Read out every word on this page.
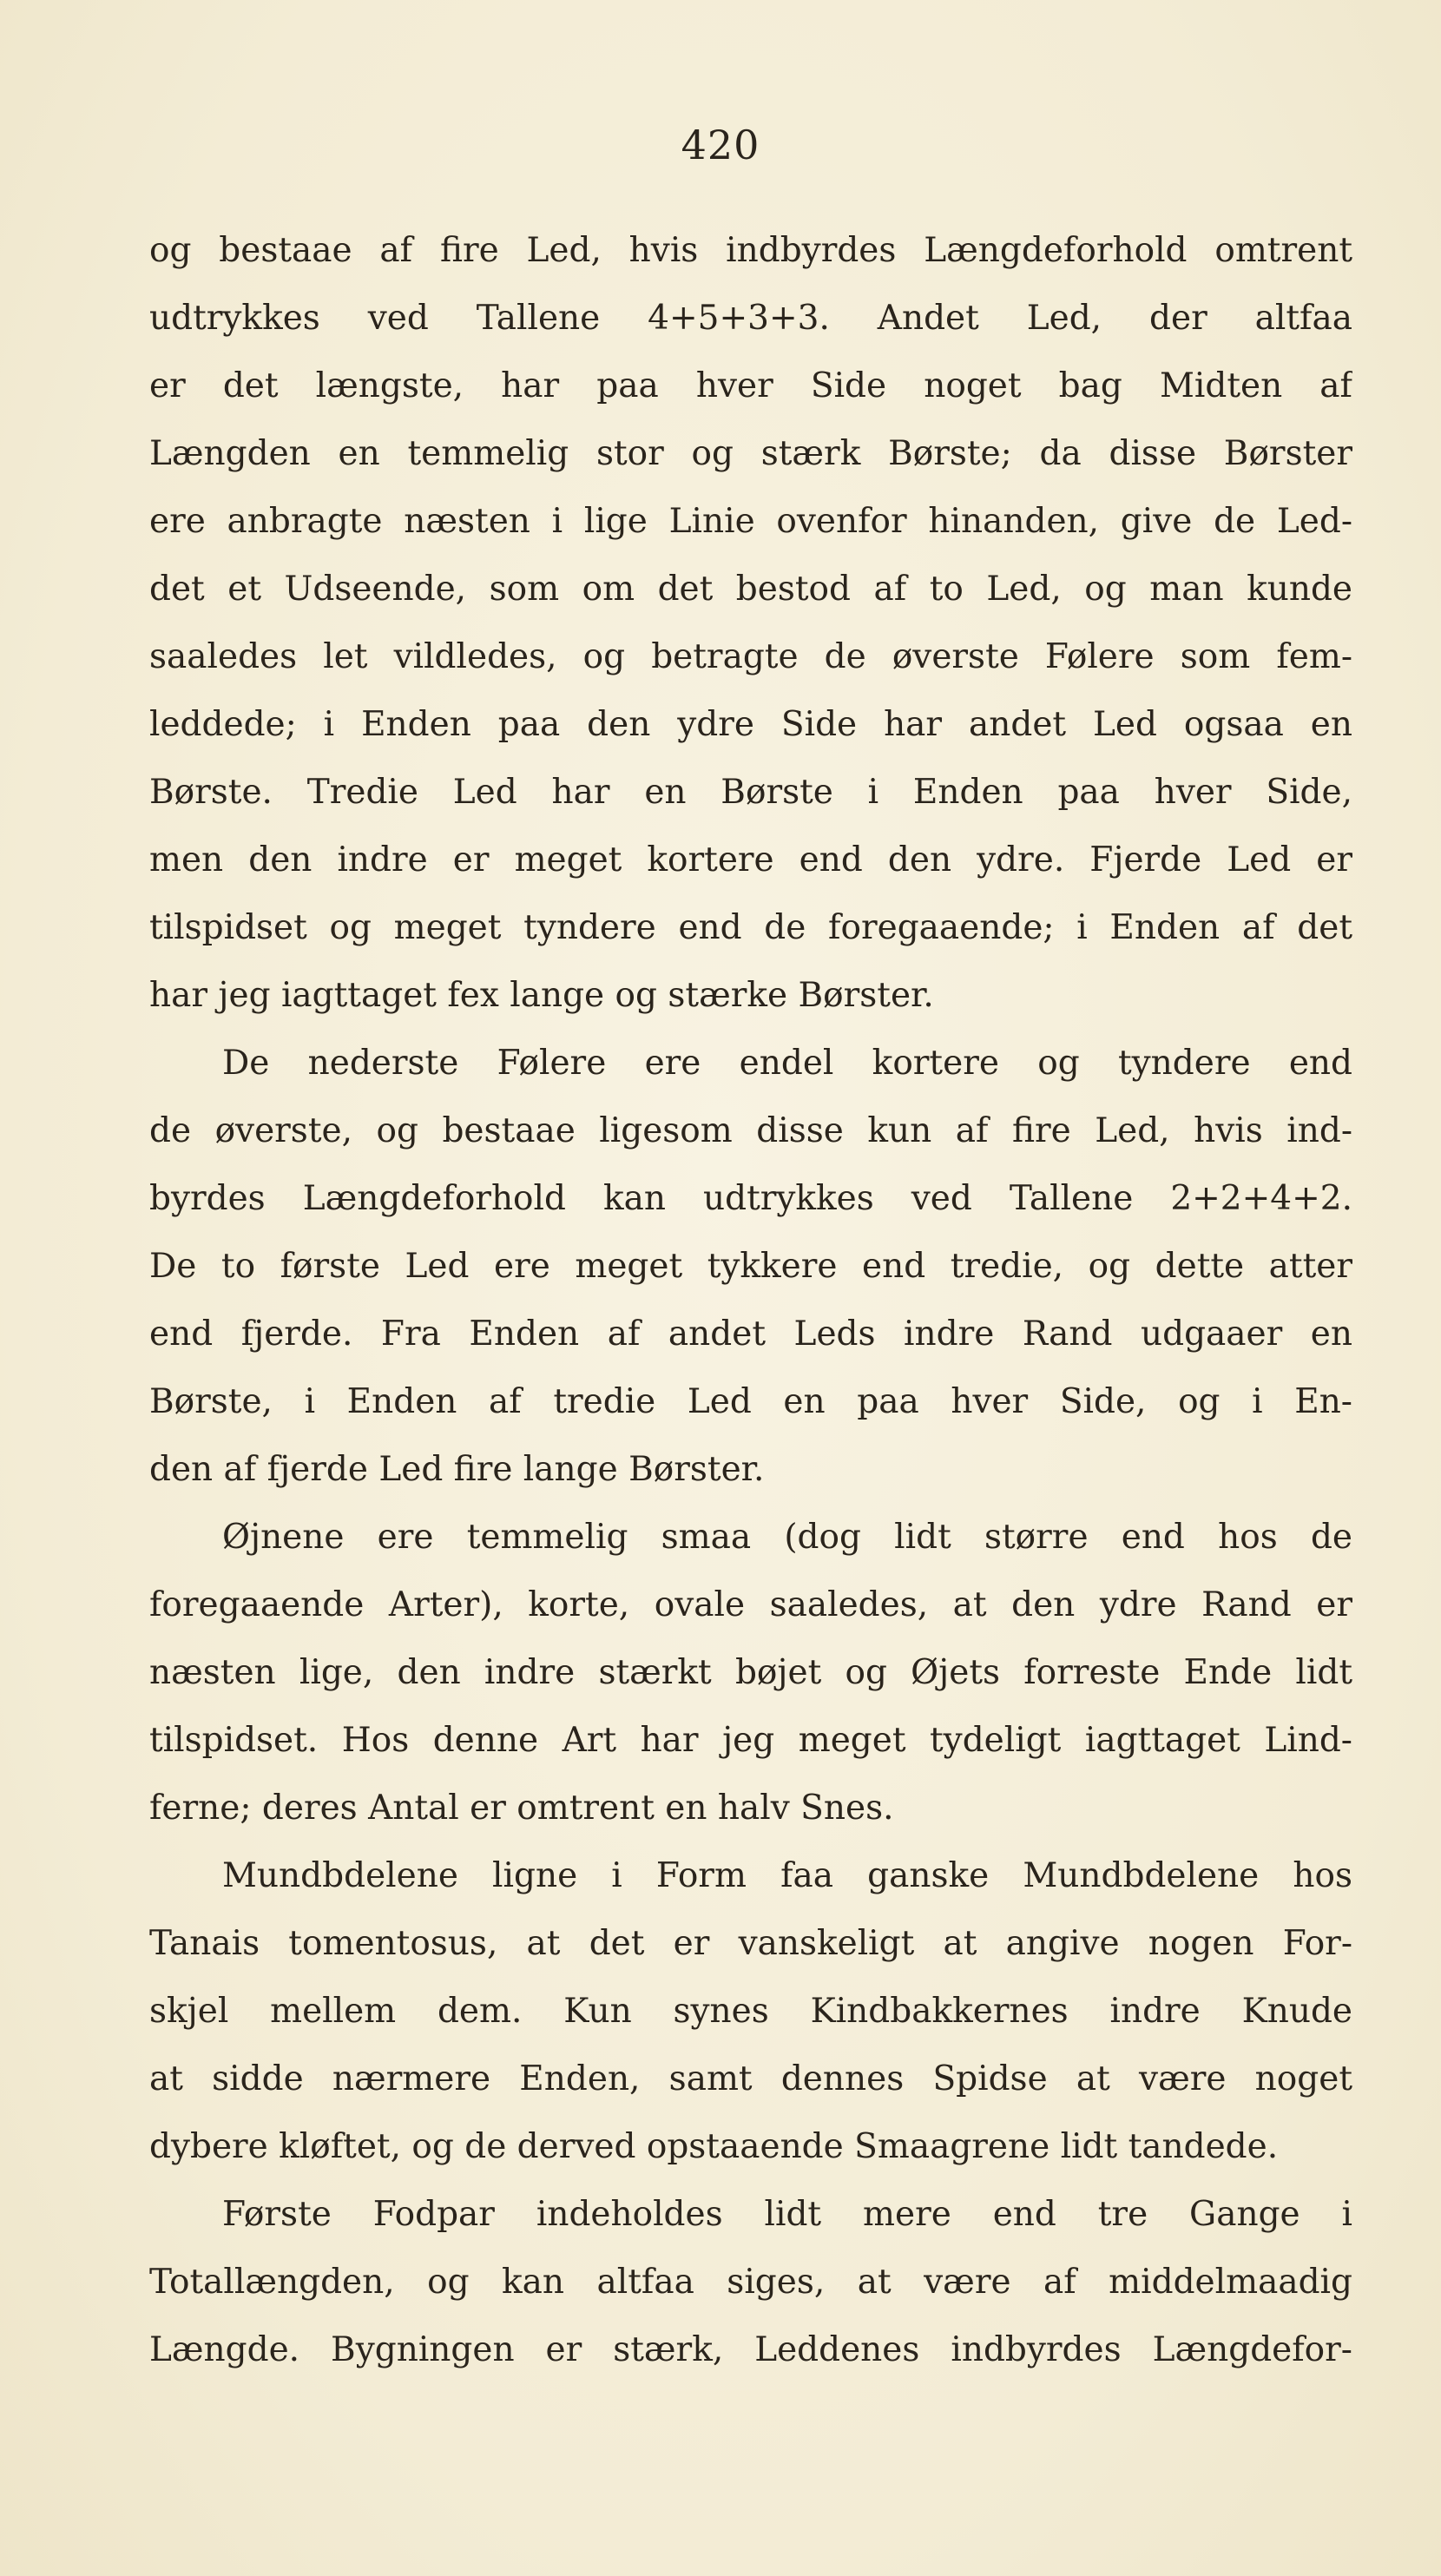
420
og bestaae af fire Led, hvis indbyrdes Længdeforhold omtrent
udtrykkes ved Tallene 4+5+3+3. Andet Led, der altfaa
er det længste, har paa hver Side noget bag Midten af
Længden en temmelig stor og stærk Børste; da disse Børster
ere anbragte næsten i lige Linie ovenfor hinanden, give de Led-
det et Udseende, som om det bestod af to Led, og man kunde
saaledes let vildledes, og betragte de øverste Følere som fem-
leddede; i Enden paa den ydre Side har andet Led ogsaa en
Børste. Tredie Led har en Børste i Enden paa hver Side,
men den indre er meget kortere end den ydre. Fjerde Led er
tilspidset og meget tyndere end de foregaaende; i Enden af det
har jeg iagttaget fex lange og stærke Børster.
De nederste Følere ere endel kortere og tyndere end
de øverste, og bestaae ligesom disse kun af fire Led, hvis ind-
byrdes Længdeforhold kan udtrykkes ved Tallene 2+2+4+2.
De to første Led ere meget tykkere end tredie, og dette atter
end fjerde. Fra Enden af andet Leds indre Rand udgaaer en
Børste, i Enden af tredie Led en paa hver Side, og i En-
den af fjerde Led fire lange Børster.
Øjnene ere temmelig smaa (dog lidt større end hos de
foregaaende Arter), korte, ovale saaledes, at den ydre Rand er
næsten lige, den indre stærkt bøjet og Øjets forreste Ende lidt
tilspidset. Hos denne Art har jeg meget tydeligt iagttaget Lind-
ferne; deres Antal er omtrent en halv Snes.
Mundbdelene ligne i Form faa ganske Mundbdelene hos
Tanais tomentosus, at det er vanskeligt at angive nogen For-
skjel mellem dem. Kun synes Kindbakkernes indre Knude
at sidde nærmere Enden, samt dennes Spidse at være noget
dybere kløftet, og de derved opstaaende Smaagrene lidt tandede.
Første Fodpar indeholdes lidt mere end tre Gange i
Totallængden, og kan altfaa siges, at være af middelmaadig
Længde. Bygningen er stærk, Leddenes indbyrdes Længdefor-
